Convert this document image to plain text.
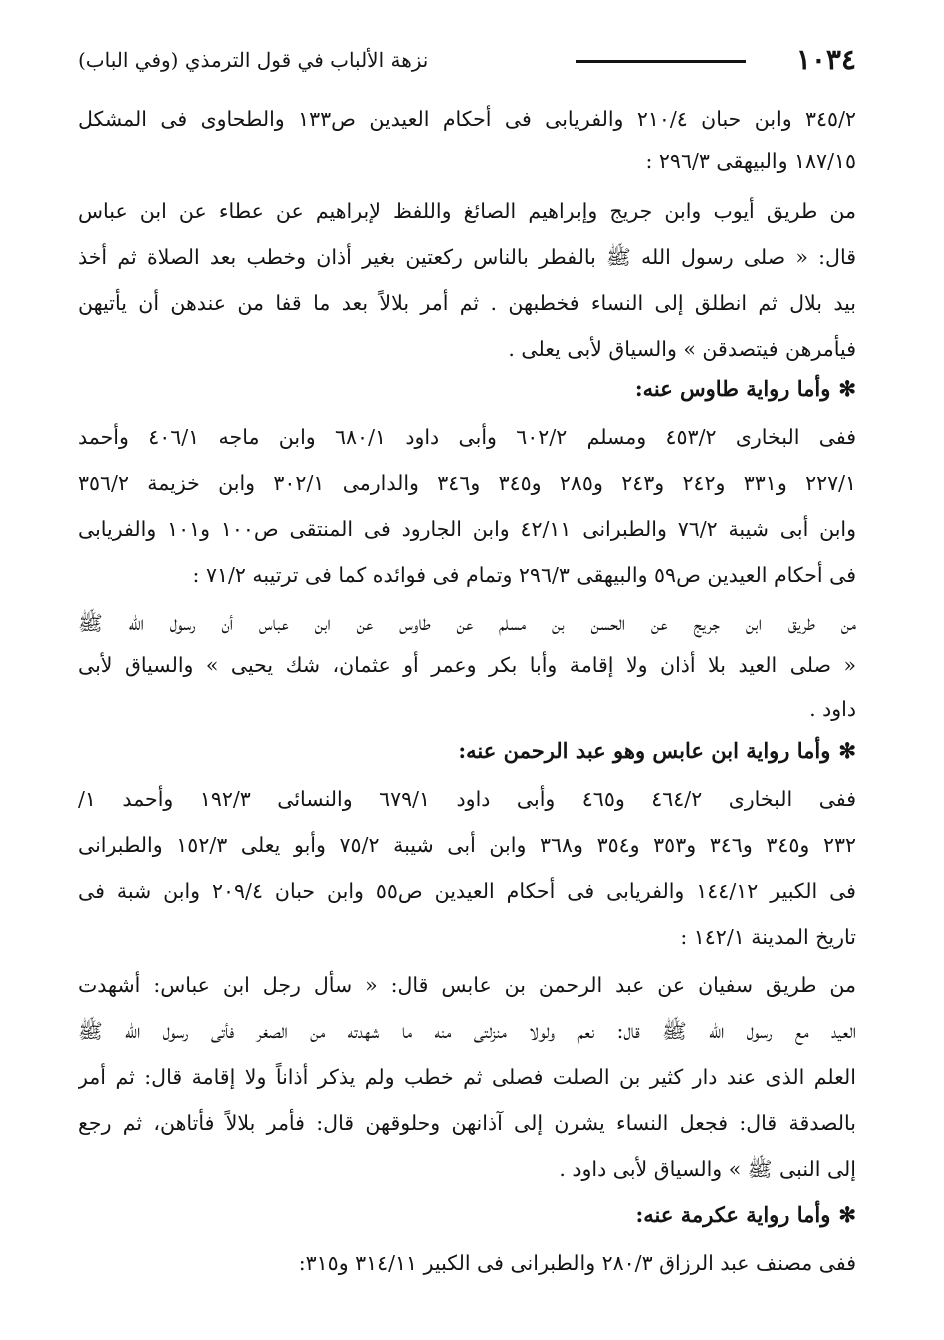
١٠٣٤
نزهة الألباب في قول الترمذي (وفي الباب)
٣٤٥/٢ وابن حبان ٢١٠/٤ والفريابى فى أحكام العيدين ص١٣٣ والطحاوى فى المشكل
١٨٧/١٥ والبيهقى ٢٩٦/٣ :
من طريق أيوب وابن جريج وإبراهيم الصائغ واللفظ لإبراهيم عن عطاء عن ابن عباس
قال: « صلى رسول الله ﷺ بالفطر بالناس ركعتين بغير أذان وخطب بعد الصلاة ثم أخذ
بيد بلال ثم انطلق إلى النساء فخطبهن . ثم أمر بلالاً بعد ما قفا من عندهن أن يأتيهن
فيأمرهن فيتصدقن » والسياق لأبى يعلى .
✻وأما رواية طاوس عنه:
ففى البخارى ٤٥٣/٢ ومسلم ٦٠٢/٢ وأبى داود ٦٨٠/١ وابن ماجه ٤٠٦/١ وأحمد
٢٢٧/١ و٣٣١ و٢٤٢ و٢٤٣ و٢٨٥ و٣٤٥ و٣٤٦ والدارمى ٣٠٢/١ وابن خزيمة ٣٥٦/٢
وابن أبى شيبة ٧٦/٢ والطبرانى ٤٢/١١ وابن الجارود فى المنتقى ص١٠٠ و١٠١ والفريابى
فى أحكام العيدين ص٥٩ والبيهقى ٢٩٦/٣ وتمام فى فوائده كما فى ترتيبه ٧١/٢ :
من طريق ابن جريج عن الحسن بن مسلم عن طاوس عن ابن عباس أن رسول الله ﷺ
« صلى العيد بلا أذان ولا إقامة وأبا بكر وعمر أو عثمان، شك يحيى » والسياق لأبى
داود .
✻وأما رواية ابن عابس وهو عبد الرحمن عنه:
ففى البخارى ٤٦٤/٢ و٤٦٥ وأبى داود ٦٧٩/١ والنسائى ١٩٢/٣ وأحمد ١/
٢٣٢ و٣٤٥ و٣٤٦ و٣٥٣ و٣٥٤ و٣٦٨ وابن أبى شيبة ٧٥/٢ وأبو يعلى ١٥٢/٣ والطبرانى
فى الكبير ١٤٤/١٢ والفريابى فى أحكام العيدين ص٥٥ وابن حبان ٢٠٩/٤ وابن شبة فى
تاريخ المدينة ١٤٢/١ :
من طريق سفيان عن عبد الرحمن بن عابس قال: « سأل رجل ابن عباس: أشهدت
العيد مع رسول الله ﷺ قال: نعم ولولا منزلتى منه ما شهدته من الصغر فأتى رسول الله ﷺ
العلم الذى عند دار كثير بن الصلت فصلى ثم خطب ولم يذكر أذاناً ولا إقامة قال: ثم أمر
بالصدقة قال: فجعل النساء يشرن إلى آذانهن وحلوقهن قال: فأمر بلالاً فأتاهن، ثم رجع
إلى النبى ﷺ » والسياق لأبى داود .
✻وأما رواية عكرمة عنه:
ففى مصنف عبد الرزاق ٢٨٠/٣ والطبرانى فى الكبير ٣١٤/١١ و٣١٥:
